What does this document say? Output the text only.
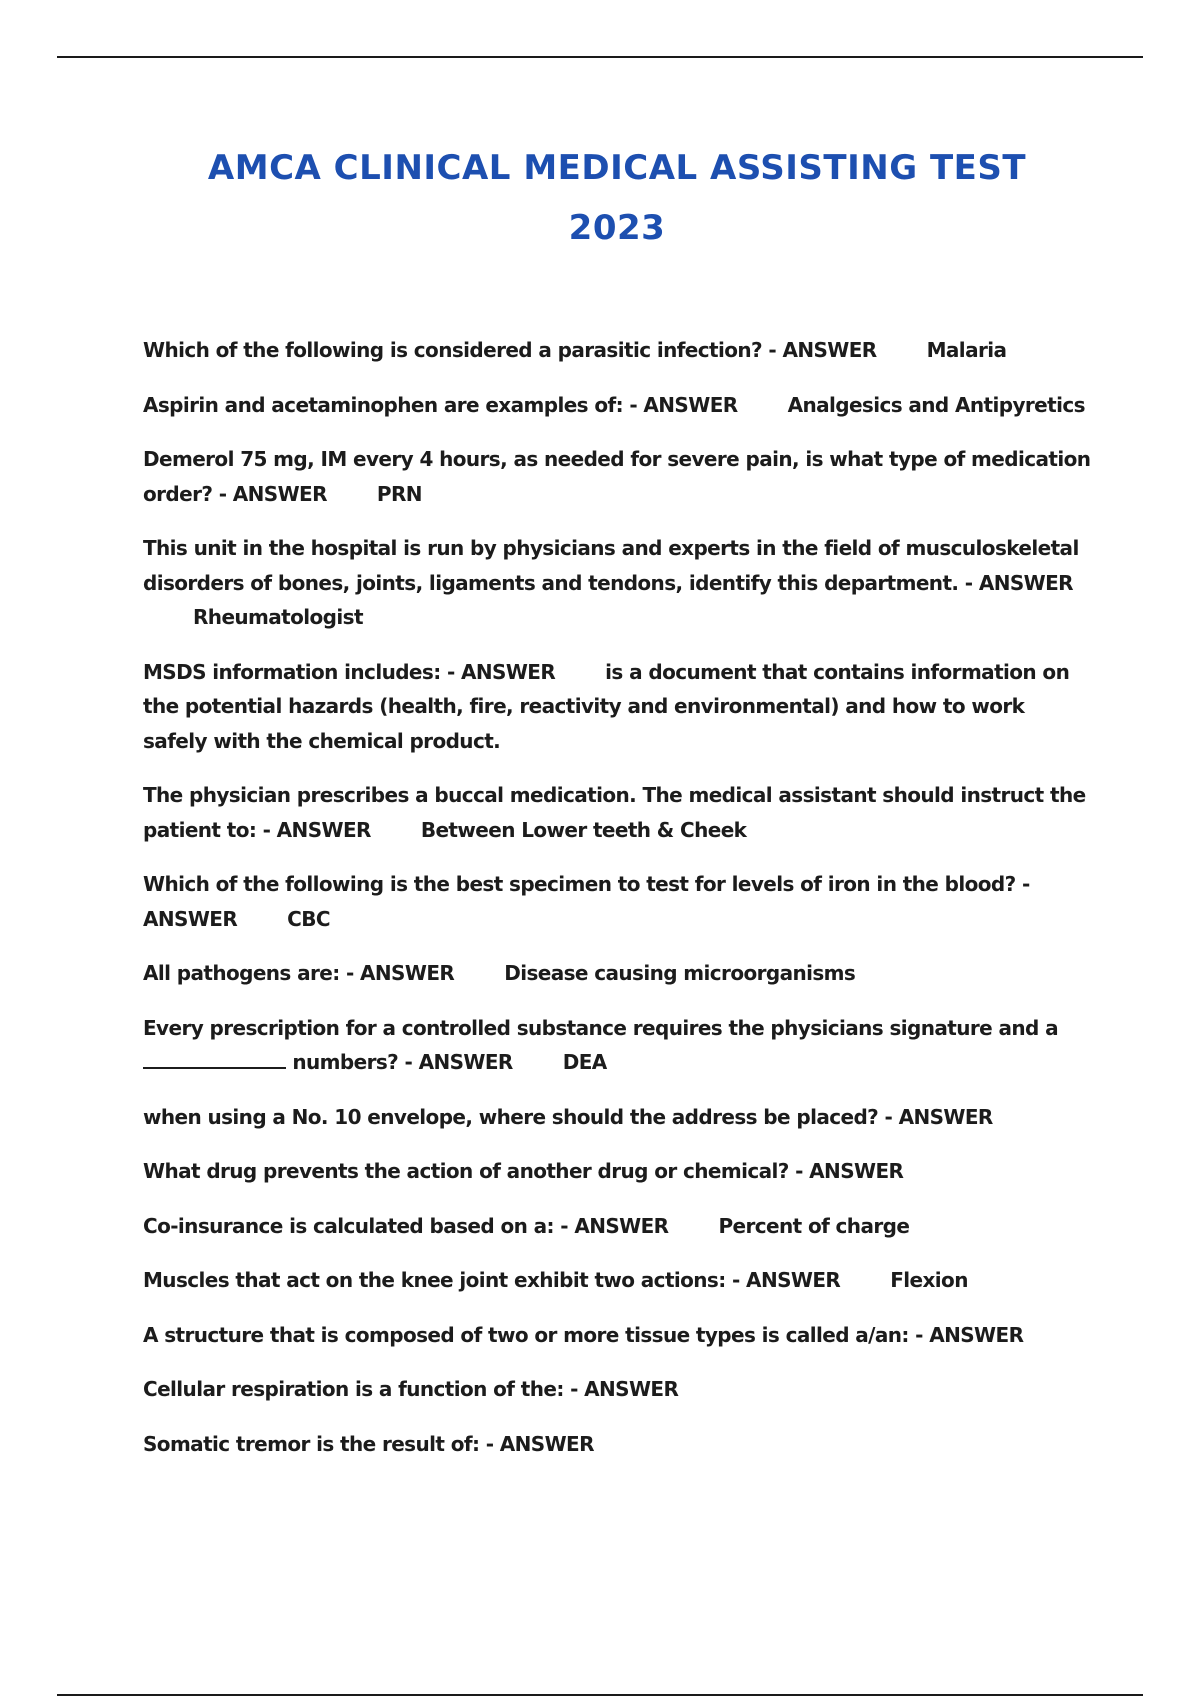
AMCA CLINICAL MEDICAL ASSISTING TEST
2023

Which of the following is considered a parasitic infection? - ANSWER	Malaria

Aspirin and acetaminophen are examples of: - ANSWER	Analgesics and Antipyretics

Demerol 75 mg, IM every 4 hours, as needed for severe pain, is what type of medication order? - ANSWER	PRN

This unit in the hospital is run by physicians and experts in the field of musculoskeletal disorders of bones, joints, ligaments and tendons, identify this department. - ANSWERRheumatologist

MSDS information includes: - ANSWER	is a document that contains information on the potential hazards (health, fire, reactivity and environmental) and how to work safely with the chemical product.

The physician prescribes a buccal medication. The medical assistant should instruct the patient to: - ANSWER	Between Lower teeth & Cheek

Which of the following is the best specimen to test for levels of iron in the blood? - ANSWER	CBC

All pathogens are: - ANSWER	Disease causing microorganisms

Every prescription for a controlled substance requires the physicians signature and a  numbers? - ANSWER	DEA

when using a No. 10 envelope, where should the address be placed? - ANSWER

What drug prevents the action of another drug or chemical? - ANSWER

Co-insurance is calculated based on a: - ANSWER	Percent of charge

Muscles that act on the knee joint exhibit two actions: - ANSWER	Flexion

A structure that is composed of two or more tissue types is called a/an: - ANSWER

Cellular respiration is a function of the: - ANSWER

Somatic tremor is the result of: - ANSWER
